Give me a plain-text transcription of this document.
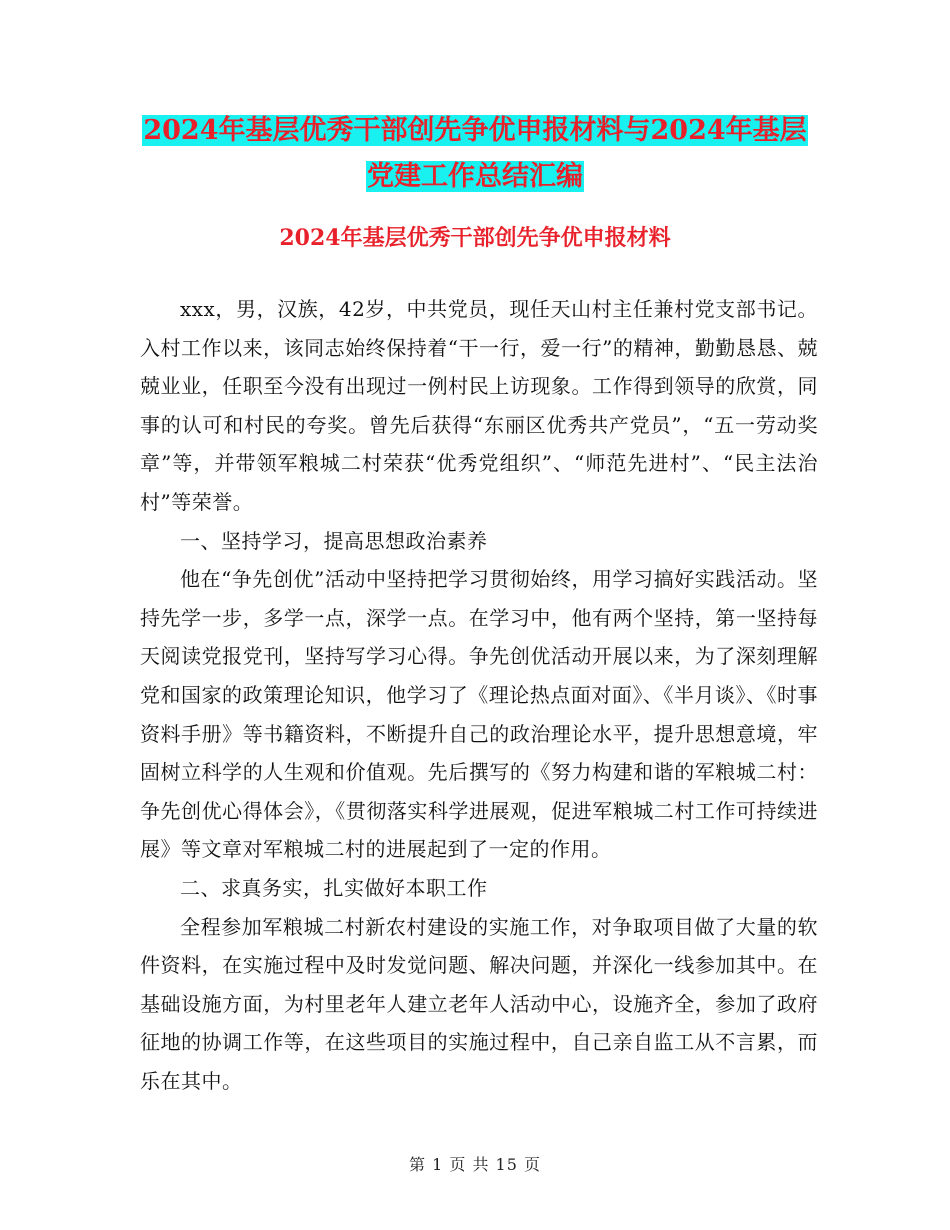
2024年基层优秀干部创先争优申报材料与2024年基层
党建工作总结汇编
2024年基层优秀干部创先争优申报材料

xxx，男，汉族，42岁，中共党员，现任天山村主任兼村党支部书记。入村工作以来，该同志始终保持着“干一行，爱一行”的精神，勤勤恳恳、兢兢业业，任职至今没有出现过一例村民上访现象。工作得到领导的欣赏，同事的认可和村民的夸奖。曾先后获得“东丽区优秀共产党员”，“五一劳动奖章”等，并带领军粮城二村荣获“优秀党组织”、“师范先进村”、“民主法治村”等荣誉。

一、坚持学习，提高思想政治素养

他在“争先创优”活动中坚持把学习贯彻始终，用学习搞好实践活动。坚持先学一步，多学一点，深学一点。在学习中，他有两个坚持，第一坚持每天阅读党报党刊，坚持写学习心得。争先创优活动开展以来，为了深刻理解党和国家的政策理论知识，他学习了《理论热点面对面》、《半月谈》、《时事资料手册》等书籍资料，不断提升自己的政治理论水平，提升思想意境，牢固树立科学的人生观和价值观。先后撰写的《努力构建和谐的军粮城二村：争先创优心得体会》，《贯彻落实科学进展观，促进军粮城二村工作可持续进展》等文章对军粮城二村的进展起到了一定的作用。

二、求真务实，扎实做好本职工作

全程参加军粮城二村新农村建设的实施工作，对争取项目做了大量的软件资料，在实施过程中及时发觉问题、解决问题，并深化一线参加其中。在基础设施方面，为村里老年人建立老年人活动中心，设施齐全，参加了政府征地的协调工作等，在这些项目的实施过程中，自己亲自监工从不言累，而乐在其中。

第 1 页 共 15 页
